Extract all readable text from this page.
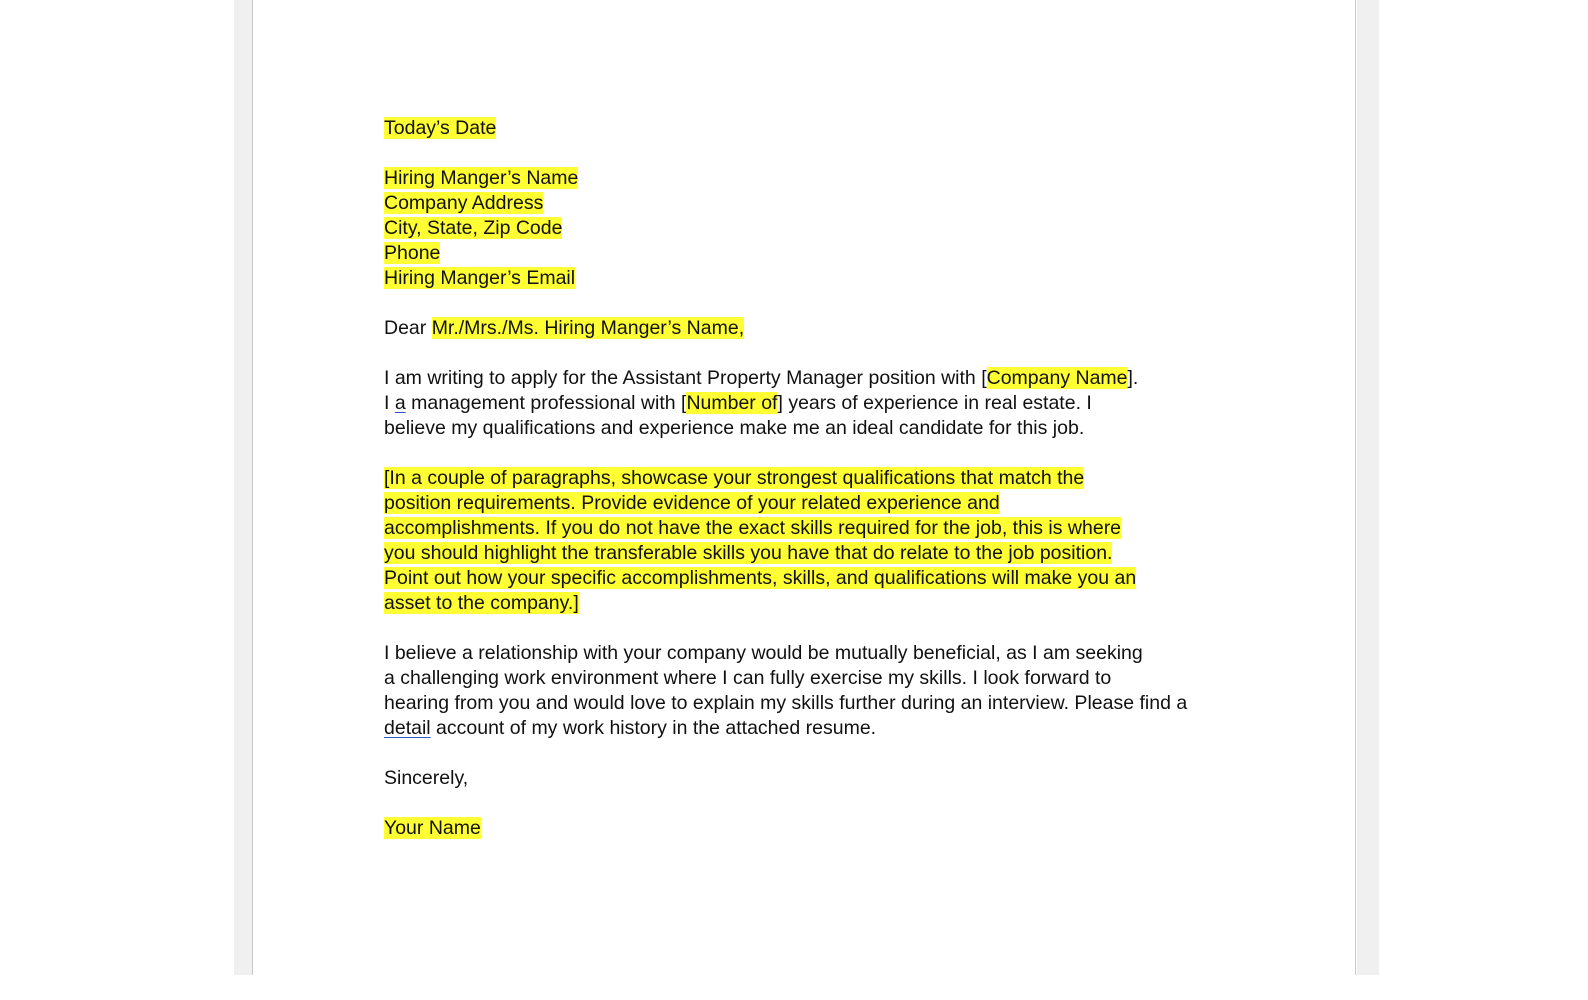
Today’s Date
Hiring Manger’s Name
Company Address
City, State, Zip Code
Phone
Hiring Manger’s Email
Dear Mr./Mrs./Ms. Hiring Manger’s Name,
I am writing to apply for the Assistant Property Manager position with [Company Name].
I a management professional with [Number of] years of experience in real estate. I
believe my qualifications and experience make me an ideal candidate for this job.
[In a couple of paragraphs, showcase your strongest qualifications that match the
position requirements. Provide evidence of your related experience and
accomplishments. If you do not have the exact skills required for the job, this is where
you should highlight the transferable skills you have that do relate to the job position.
Point out how your specific accomplishments, skills, and qualifications will make you an
asset to the company.]
I believe a relationship with your company would be mutually beneficial, as I am seeking
a challenging work environment where I can fully exercise my skills. I look forward to
hearing from you and would love to explain my skills further during an interview. Please find a
detail account of my work history in the attached resume.
Sincerely,
Your Name
